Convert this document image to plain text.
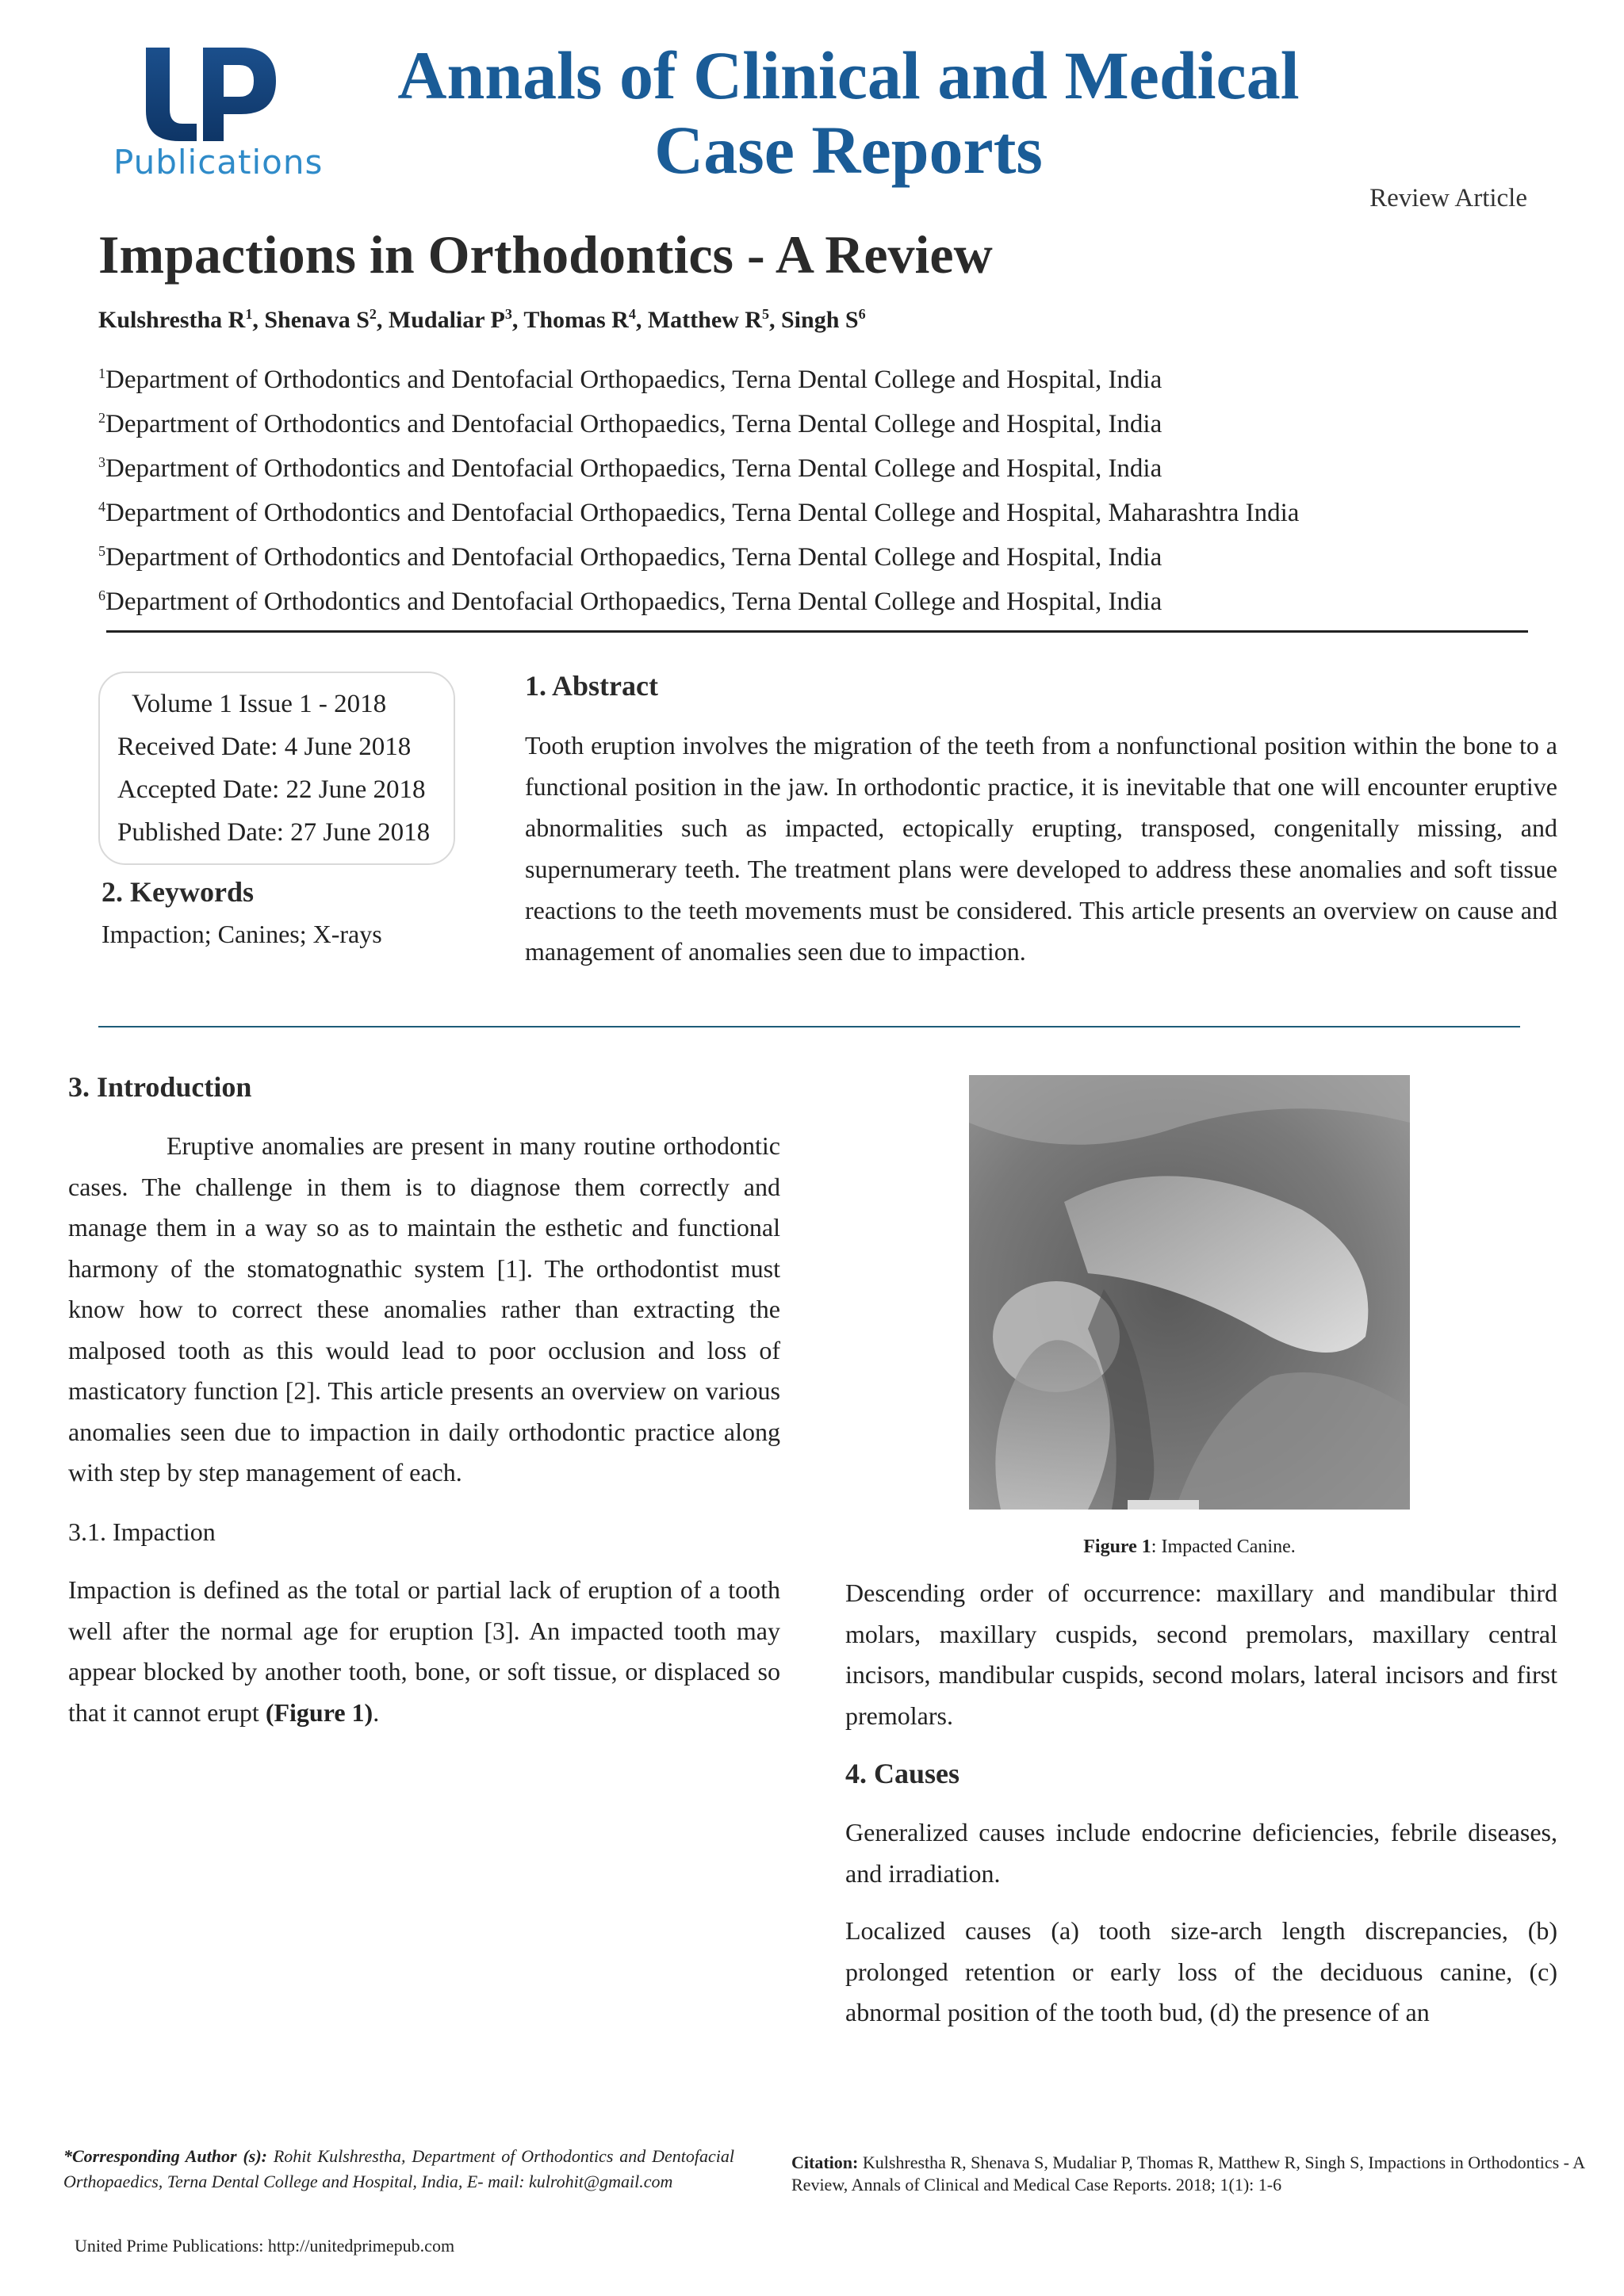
Publications
Annals of Clinical and Medical
Case Reports
Review Article
Impactions in Orthodontics - A Review
Kulshrestha $R^1$, Shenava $S^2$, Mudaliar $P^3$, Thomas $R^4$, Matthew $R^5$, Singh $S^6$
$^1$Department of Orthodontics and Dentofacial Orthopaedics, Terna Dental College and Hospital, India
$^2$Department of Orthodontics and Dentofacial Orthopaedics, Terna Dental College and Hospital, India
$^3$Department of Orthodontics and Dentofacial Orthopaedics, Terna Dental College and Hospital, India
$^4$Department of Orthodontics and Dentofacial Orthopaedics, Terna Dental College and Hospital, Maharashtra India
$^5$Department of Orthodontics and Dentofacial Orthopaedics, Terna Dental College and Hospital, India
$^6$Department of Orthodontics and Dentofacial Orthopaedics, Terna Dental College and Hospital, India
Volume 1 Issue 1 - 2018
Received Date: 4 June 2018
Accepted Date: 22 June 2018
Published Date: 27 June 2018
2. Keywords
Impaction; Canines; X-rays
1. Abstract
Tooth eruption involves the migration of the teeth from a nonfunctional position within the bone to a functional position in the jaw. In orthodontic practice, it is inevitable that one will encounter eruptive abnormalities such as impacted, ectopically erupting, transposed, congenitally missing, and supernumerary teeth. The treatment plans were developed to address these anomalies and soft tissue reactions to the teeth movements must be considered. This article presents an overview on cause and management of anomalies seen due to impaction.
3. Introduction
Eruptive anomalies are present in many routine orthodontic cases. The challenge in them is to diagnose them correctly and manage them in a way so as to maintain the esthetic and functional harmony of the stomatognathic system [1]. The orthodontist must know how to correct these anomalies rather than extracting the malposed tooth as this would lead to poor occlusion and loss of masticatory function [2]. This article presents an overview on various anomalies seen due to impaction in daily orthodontic practice along with step by step management of each.
3.1. Impaction
Impaction is defined as the total or partial lack of eruption of a tooth well after the normal age for eruption [3]. An impacted tooth may appear blocked by another tooth, bone, or soft tissue, or displaced so that it cannot erupt (Figure 1).
Figure 1: Impacted Canine.
Descending order of occurrence: maxillary and mandibular third molars, maxillary cuspids, second premolars, maxillary central incisors, mandibular cuspids, second molars, lateral incisors and first premolars.
4. Causes
Generalized causes include endocrine deficiencies, febrile diseases, and irradiation.
Localized causes (a) tooth size-arch length discrepancies, (b) prolonged retention or early loss of the deciduous canine, (c) abnormal position of the tooth bud, (d) the presence of an
*Corresponding Author (s): Rohit Kulshrestha, Department of Orthodontics and Dentofacial Orthopaedics, Terna Dental College and Hospital, India, E- mail: kulrohit@gmail.com
Citation: Kulshrestha R, Shenava S, Mudaliar P, Thomas R, Matthew R, Singh S, Impactions in Orthodontics - A Review, Annals of Clinical and Medical Case Reports. 2018; 1(1): 1-6
United Prime Publications: http://unitedprimepub.com
